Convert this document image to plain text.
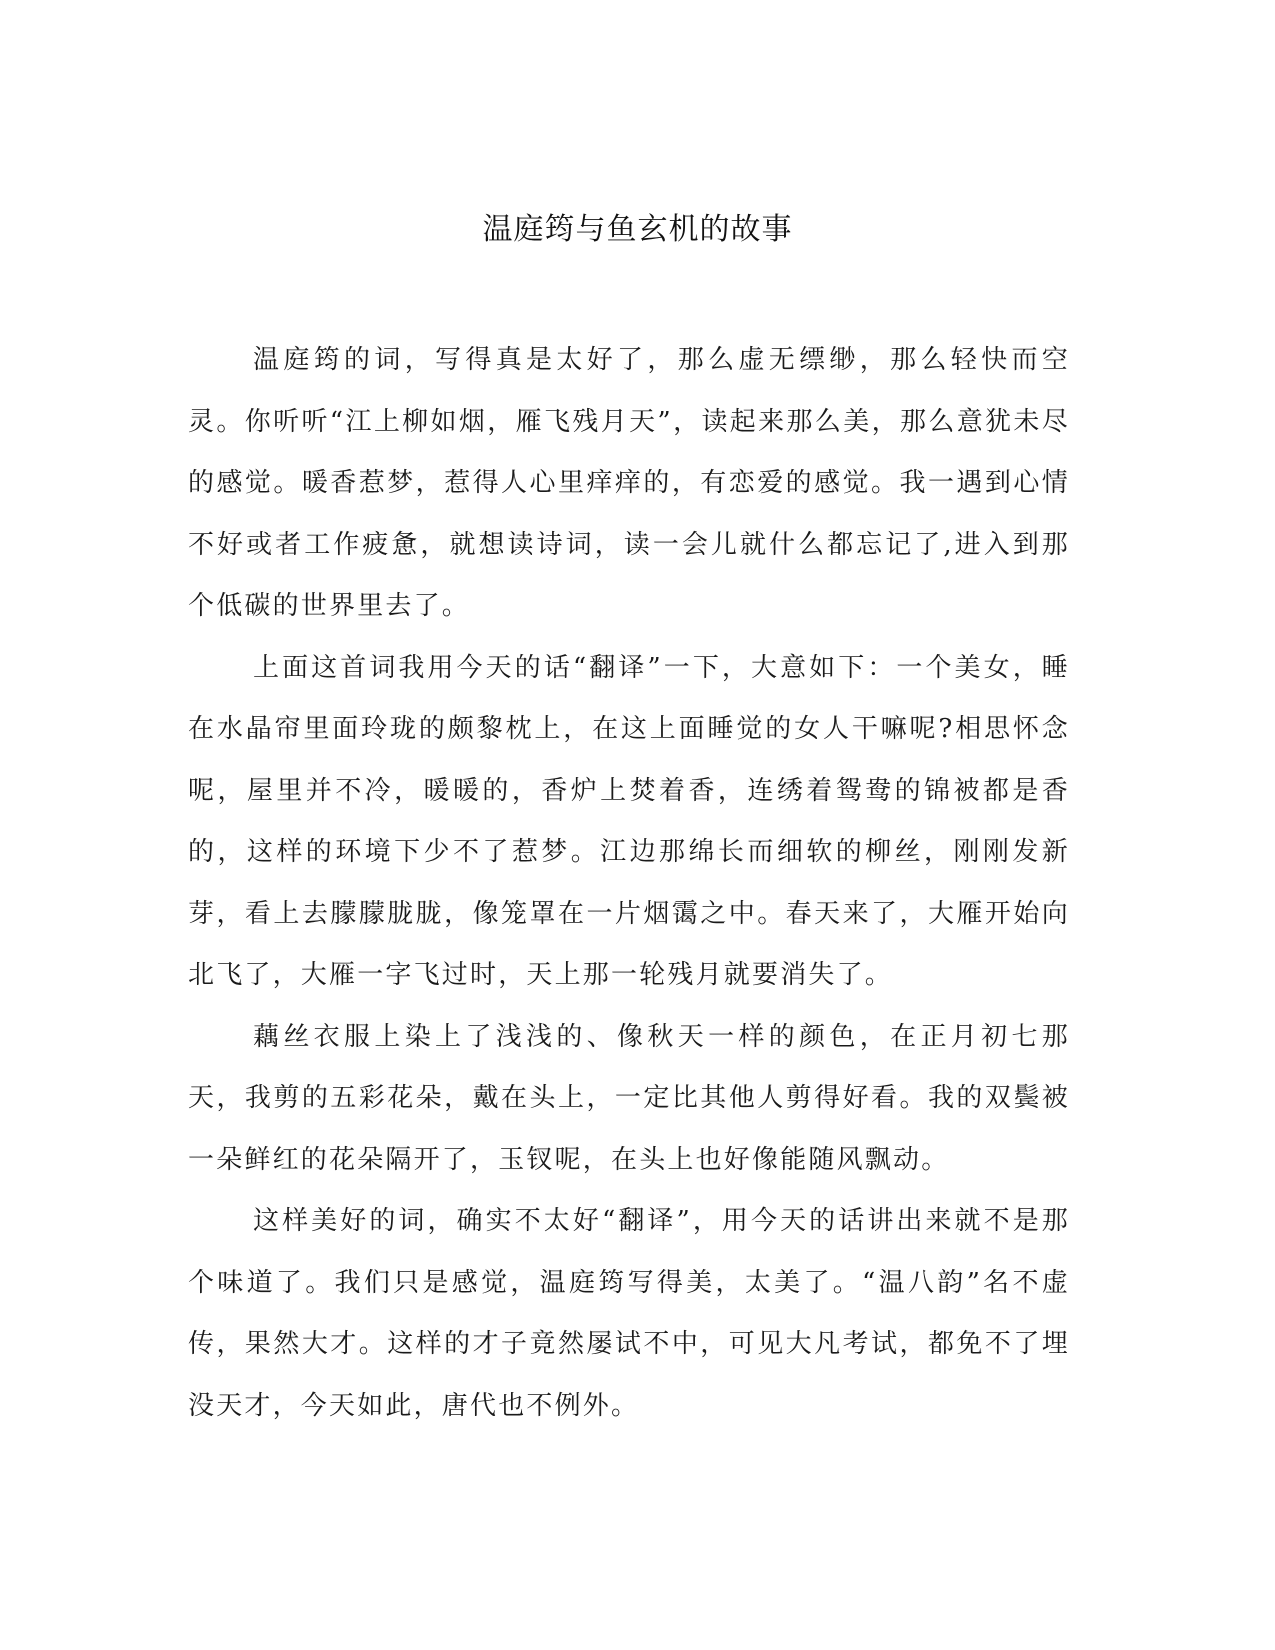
温庭筠与鱼玄机的故事

温庭筠的词，写得真是太好了，那么虚无缥缈，那么轻快而空灵。你听听“江上柳如烟，雁飞残月天”，读起来那么美，那么意犹未尽的感觉。暖香惹梦，惹得人心里痒痒的，有恋爱的感觉。我一遇到心情不好或者工作疲惫，就想读诗词，读一会儿就什么都忘记了,进入到那个低碳的世界里去了。

上面这首词我用今天的话“翻译”一下，大意如下：一个美女，睡在水晶帘里面玲珑的颇黎枕上，在这上面睡觉的女人干嘛呢?相思怀念呢，屋里并不冷，暖暖的，香炉上焚着香，连绣着鸳鸯的锦被都是香的，这样的环境下少不了惹梦。江边那绵长而细软的柳丝，刚刚发新芽，看上去朦朦胧胧，像笼罩在一片烟霭之中。春天来了，大雁开始向北飞了，大雁一字飞过时，天上那一轮残月就要消失了。

藕丝衣服上染上了浅浅的、像秋天一样的颜色，在正月初七那天，我剪的五彩花朵，戴在头上，一定比其他人剪得好看。我的双鬓被一朵鲜红的花朵隔开了，玉钗呢，在头上也好像能随风飘动。

这样美好的词，确实不太好“翻译”，用今天的话讲出来就不是那个味道了。我们只是感觉，温庭筠写得美，太美了。“温八韵”名不虚传，果然大才。这样的才子竟然屡试不中，可见大凡考试，都免不了埋没天才，今天如此，唐代也不例外。
